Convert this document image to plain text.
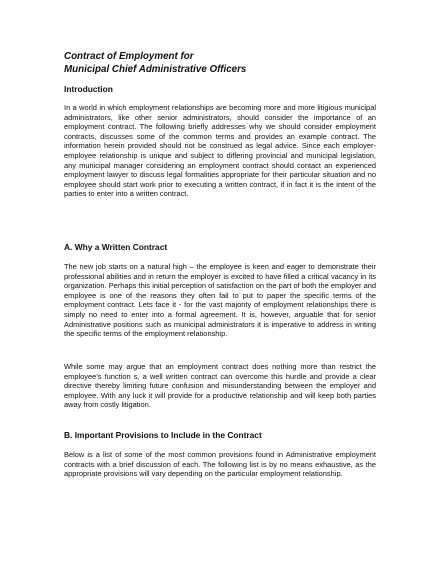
Contract of Employment for
Municipal Chief Administrative Officers
Introduction

In a world in which employment relationships are becoming more and more litigious municipal administrators, like other senior administrators, should consider the importance of an employment contract. The following briefly addresses why we should consider employment contracts, discusses some of the common terms and provides an example contract. The information herein provided should not be construed as legal advice. Since each employer-employee relationship is unique and subject to differing provincial and municipal legislation, any municipal manager considering an employment contract should contact an experienced employment lawyer to discuss legal formalities appropriate for their particular situation and no employee should start work prior to executing a written contract, if in fact it is the intent of the parties to enter into a written contract.

A. Why a Written Contract

The new job starts on a natural high – the employee is keen and eager to demonstrate their professional abilities and in return the employer is excited to have filled a critical vacancy in its organization. Perhaps this initial perception of satisfaction on the part of both the employer and employee is one of the reasons they often fail to put to paper the specific terms of the employment contract. Lets face it - for the vast majority of employment relationships there is simply no need to enter into a formal agreement. It is, however, arguable that for senior Administrative positions such as municipal administrators it is imperative to address in writing the specific terms of the employment relationship.

While some may argue that an employment contract does nothing more than restrict the employee’s function s, a well written contract can overcome this hurdle and provide a clear directive thereby limiting future confusion and misunderstanding between the employer and employee. With any luck it will provide for a productive relationship and will keep both parties away from costly litigation.

B. Important Provisions to Include in the Contract

Below is a list of some of the most common provisions found in Administrative employment contracts with a brief discussion of each. The following list is by no means exhaustive, as the appropriate provisions will vary depending on the particular employment relationship.
